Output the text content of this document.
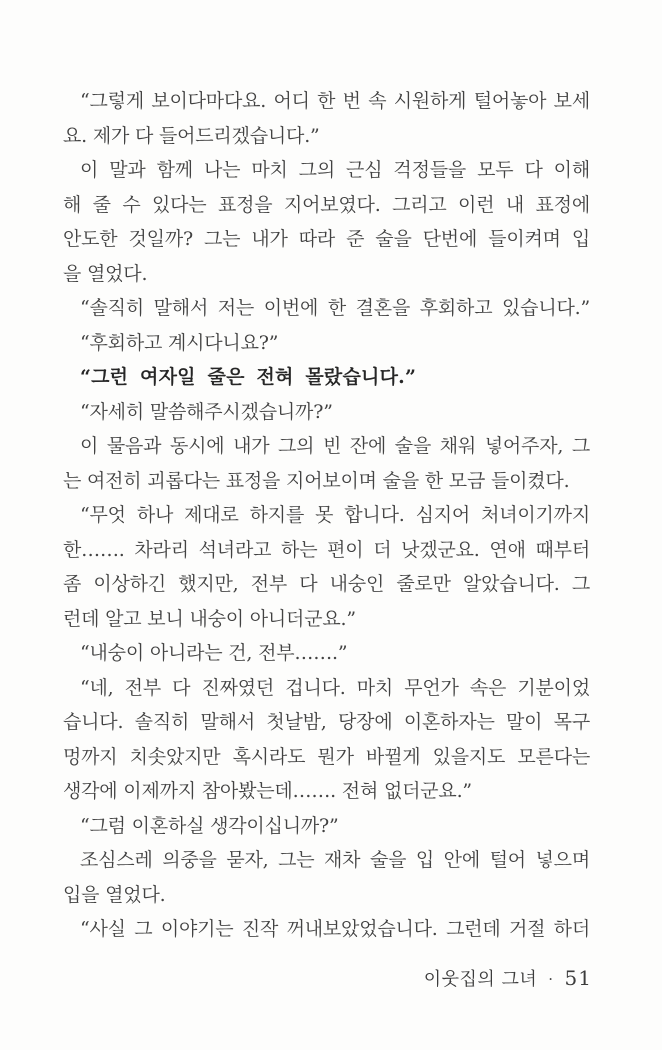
“그렇게 보이다마다요. 어디 한 번 속 시원하게 털어놓아 보세
요. 제가 다 들어드리겠습니다.”
이 말과 함께 나는 마치 그의 근심 걱정들을 모두 다 이해
해 줄 수 있다는 표정을 지어보였다. 그리고 이런 내 표정에
안도한 것일까? 그는 내가 따라 준 술을 단번에 들이켜며 입
을 열었다.
“솔직히 말해서 저는 이번에 한 결혼을 후회하고 있습니다.”
“후회하고 계시다니요?”
“그런 여자일 줄은 전혀 몰랐습니다.”
“자세히 말씀해주시겠습니까?”
이 물음과 동시에 내가 그의 빈 잔에 술을 채워 넣어주자, 그
는 여전히 괴롭다는 표정을 지어보이며 술을 한 모금 들이켰다.
“무엇 하나 제대로 하지를 못 합니다. 심지어 처녀이기까지
한……. 차라리 석녀라고 하는 편이 더 낫겠군요. 연애 때부터
좀 이상하긴 했지만, 전부 다 내숭인 줄로만 알았습니다. 그
런데 알고 보니 내숭이 아니더군요.”
“내숭이 아니라는 건, 전부…….”
“네, 전부 다 진짜였던 겁니다. 마치 무언가 속은 기분이었
습니다. 솔직히 말해서 첫날밤, 당장에 이혼하자는 말이 목구
멍까지 치솟았지만 혹시라도 뭔가 바뀔게 있을지도 모른다는
생각에 이제까지 참아봤는데……. 전혀 없더군요.”
“그럼 이혼하실 생각이십니까?”
조심스레 의중을 묻자, 그는 재차 술을 입 안에 털어 넣으며
입을 열었다.
“사실 그 이야기는 진작 꺼내보았었습니다. 그런데 거절 하더
이웃집의 그녀 · 51
